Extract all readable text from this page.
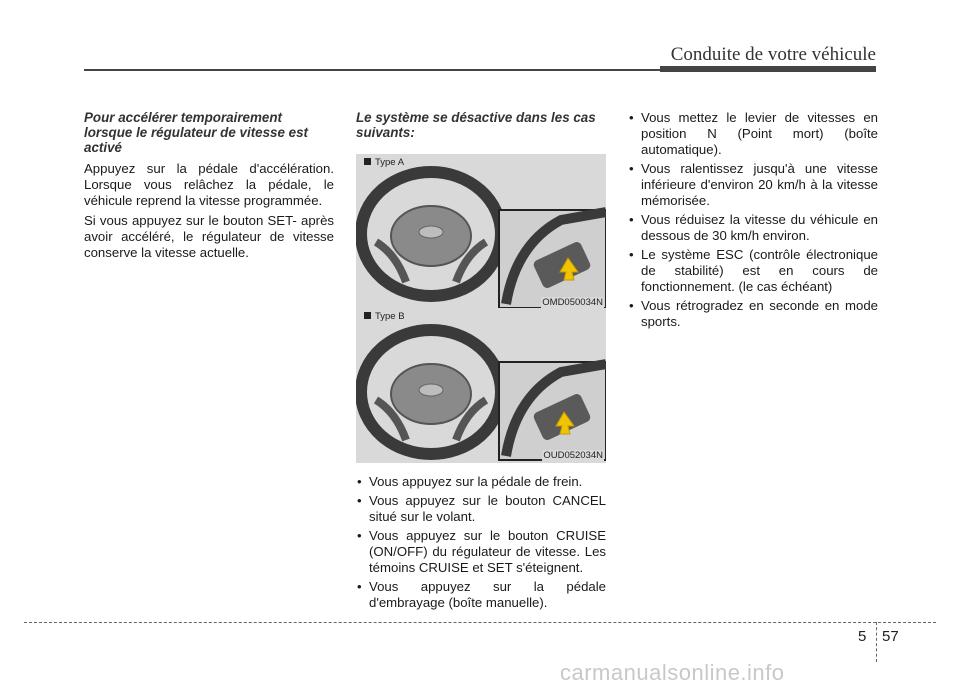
Conduite de votre véhicule

Pour accélérer temporairement lorsque le régulateur de vitesse est activé

Appuyez sur la pédale d'accélération. Lorsque vous relâchez la pédale, le véhicule reprend la vitesse programmée.

Si vous appuyez sur le bouton SET- après avoir accéléré, le régulateur de vitesse conserve la vitesse actuelle.

Le système se désactive dans les cas suivants:

Type A
OMD050034N
Type B
OUD052034N
• Vous appuyez sur la pédale de frein.
• Vous appuyez sur le bouton CANCEL situé sur le volant.
• Vous appuyez sur le bouton CRUISE (ON/OFF) du régulateur de vitesse. Les témoins CRUISE et SET s'éteignent.
• Vous appuyez sur la pédale d'embrayage (boîte manuelle).
• Vous mettez le levier de vitesses en position N (Point mort) (boîte automatique).
• Vous ralentissez jusqu'à une vitesse inférieure d'environ 20 km/h à la vitesse mémorisée.
• Vous réduisez la vitesse du véhicule en dessous de 30 km/h environ.
• Le système ESC (contrôle électronique de stabilité) est en cours de fonctionnement. (le cas échéant)
• Vous rétrogradez en seconde en mode sports.
5 57
carmanualsonline.info
